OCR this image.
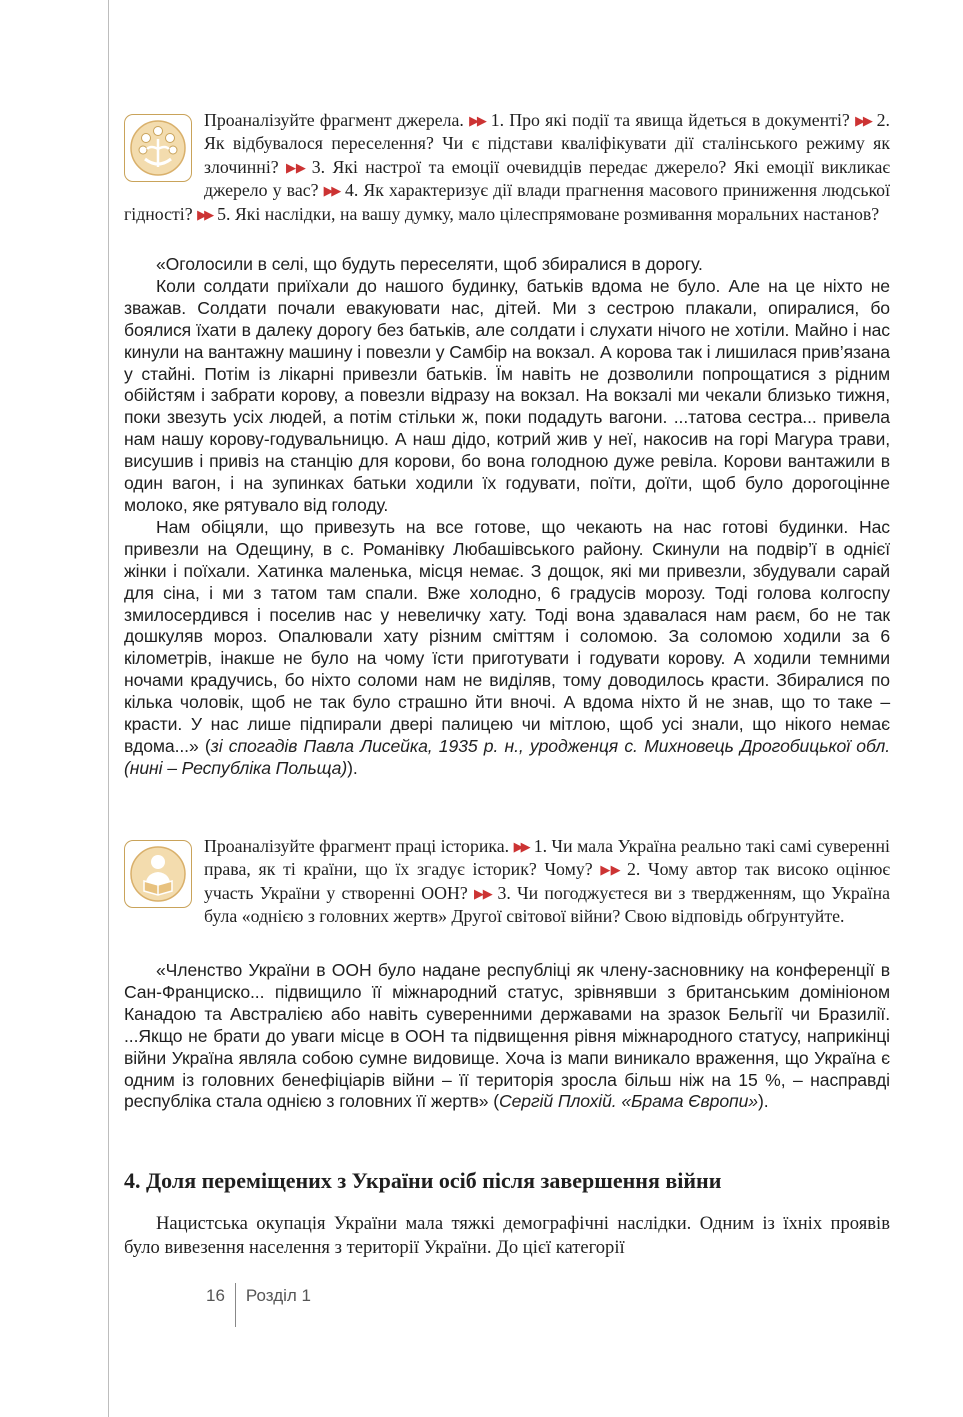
Проаналізуйте фрагмент джерела. ▶▶ 1. Про які події та явища йдеться в документі? ▶▶ 2. Як відбувалося переселення? Чи є підстави кваліфікувати дії сталінського режиму як злочинні? ▶▶ 3. Які настрої та емоції очевидців передає джерело? Які емоції викликає джерело у вас? ▶▶ 4. Як характеризує дії влади прагнення масового приниження людської гідності? ▶▶ 5. Які наслідки, на вашу думку, мало цілеспрямоване розмивання моральних настанов?

«Оголосили в селі, що будуть переселяти, щоб збиралися в дорогу.

Коли солдати приїхали до нашого будинку, батьків вдома не було. Але на це ніхто не зважав. Солдати почали евакуювати нас, дітей. Ми з сестрою плакали, опиралися, бо боялися їхати в далеку дорогу без батьків, але солдати і слухати нічого не хотіли. Майно і нас кинули на вантажну машину і повезли у Самбір на вокзал. А корова так і лишилася прив’язана у стайні. Потім із лікарні привезли батьків. Їм навіть не дозволили попрощатися з рідним обійстям і забрати корову, а повезли відразу на вокзал. На вокзалі ми чекали близько тижня, поки звезуть усіх людей, а потім стільки ж, поки подадуть вагони. ...татова сестра... привела нам нашу корову-годувальницю. А наш дідо, котрий жив у неї, накосив на горі Магура трави, висушив і привіз на станцію для корови, бо вона голодною дуже ревіла. Корови вантажили в один вагон, і на зупинках батьки ходили їх годувати, поїти, доїти, щоб було дорогоцінне молоко, яке рятувало від голоду.

Нам обіцяли, що привезуть на все готове, що чекають на нас готові будинки. Нас привезли на Одещину, в с. Романівку Любашівського району. Скинули на подвір’ї в однієї жінки і поїхали. Хатинка маленька, місця немає. З дощок, які ми привезли, збудували сарай для сіна, і ми з татом там спали. Вже холодно, 6 градусів морозу. Тоді голова колгоспу змилосердився і поселив нас у невеличку хату. Тоді вона здавалася нам раєм, бо не так дошкуляв мороз. Опалювали хату різним сміттям і соломою. За соломою ходили за 6 кілометрів, інакше не було на чому їсти приготувати і годувати корову. А ходили темними ночами крадучись, бо ніхто соломи нам не виділяв, тому доводилось красти. Збиралися по кілька чоловік, щоб не так було страшно йти вночі. А вдома ніхто й не знав, що то таке – красти. У нас лише підпирали двері палицею чи мітлою, щоб усі знали, що нікого немає вдома...» (зі спогадів Павла Лисейка, 1935 р. н., уродженця с. Михновець Дрогобицької обл. (нині – Республіка Польща)).

Проаналізуйте фрагмент праці історика. ▶▶ 1. Чи мала Україна реально такі самі суверенні права, як ті країни, що їх згадує історик? Чому? ▶▶ 2. Чому автор так високо оцінює участь України у створенні ООН? ▶▶ 3. Чи погоджуєтеся ви з твердженням, що Україна була «однією з головних жертв» Другої світової війни? Свою відповідь обґрунтуйте.

«Членство України в ООН було надане республіці як члену-засновнику на конференції в Сан-Франциско... підвищило її міжнародний статус, зрівнявши з британським домініоном Канадою та Австралією або навіть суверенними державами на зразок Бельгії чи Бразилії. ...Якщо не брати до уваги місце в ООН та підвищення рівня міжнародного статусу, наприкінці війни Україна являла собою сумне видовище. Хоча із мапи виникало враження, що Україна є одним із головних бенефіціарів війни – її територія зросла більш ніж на 15 %, – насправді республіка стала однією з головних її жертв» (Сергій Плохій. «Брама Європи»).

4. Доля переміщених з України осіб після завершення війни

Нацистська окупація України мала тяжкі демографічні наслідки. Одним із їхніх проявів було вивезення населення з території України. До цієї категорії

16	Розділ 1
